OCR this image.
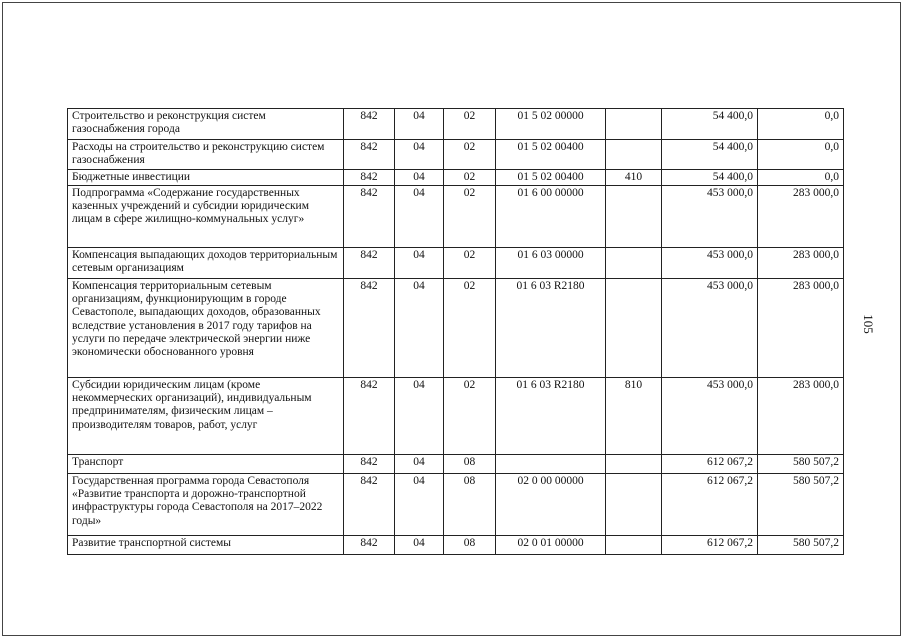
Строительство и реконструкция систем газоснабжения города	842	04	02	01 5 02 00000		54 400,0	0,0
Расходы на строительство и реконструкцию систем газоснабжения	842	04	02	01 5 02 00400		54 400,0	0,0
Бюджетные инвестиции	842	04	02	01 5 02 00400	410	54 400,0	0,0
Подпрограмма «Содержание государственных казенных учреждений и субсидии юридическим лицам в сфере жилищно-коммунальных услуг»	842	04	02	01 6 00 00000		453 000,0	283 000,0
Компенсация выпадающих доходов территориальным сетевым организациям	842	04	02	01 6 03 00000		453 000,0	283 000,0
Компенсация территориальным сетевым организациям, функционирующим в городе Севастополе, выпадающих доходов, образованных вследствие установления в 2017 году тарифов на услуги по передаче электрической энергии ниже экономически обоснованного уровня	842	04	02	01 6 03 R2180		453 000,0	283 000,0
Субсидии юридическим лицам (кроме некоммерческих организаций), индивидуальным предпринимателям, физическим лицам – производителям товаров, работ, услуг	842	04	02	01 6 03 R2180	810	453 000,0	283 000,0
Транспорт	842	04	08			612 067,2	580 507,2
Государственная программа города Севастополя «Развитие транспорта и дорожно-транспортной инфраструктуры города Севастополя на 2017–2022 годы»	842	04	08	02 0 00 00000		612 067,2	580 507,2
Развитие транспортной системы	842	04	08	02 0 01 00000		612 067,2	580 507,2
105
